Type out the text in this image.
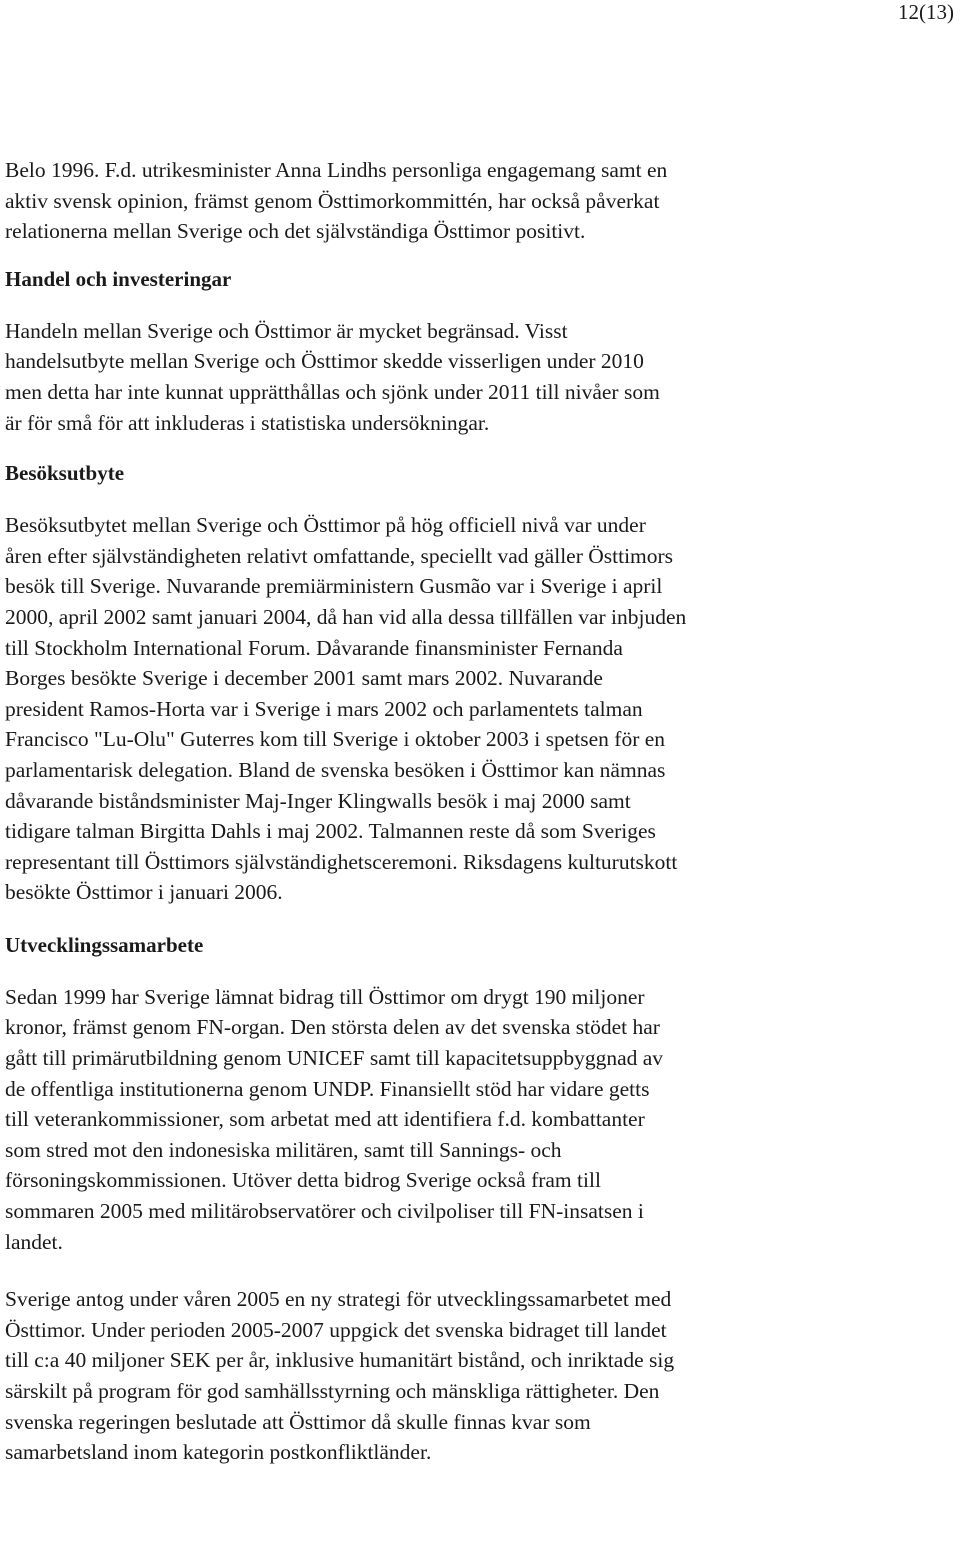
12(13)

Belo 1996. F.d. utrikesminister Anna Lindhs personliga engagemang samt en
aktiv svensk opinion, främst genom Östtimorkommittén, har också påverkat
relationerna mellan Sverige och det självständiga Östtimor positivt.

Handel och investeringar

Handeln mellan Sverige och Östtimor är mycket begränsad. Visst
handelsutbyte mellan Sverige och Östtimor skedde visserligen under 2010
men detta har inte kunnat upprätthållas och sjönk under 2011 till nivåer som
är för små för att inkluderas i statistiska undersökningar.

Besöksutbyte

Besöksutbytet mellan Sverige och Östtimor på hög officiell nivå var under
åren efter självständigheten relativt omfattande, speciellt vad gäller Östtimors
besök till Sverige. Nuvarande premiärministern Gusmão var i Sverige i april
2000, april 2002 samt januari 2004, då han vid alla dessa tillfällen var inbjuden
till Stockholm International Forum. Dåvarande finansminister Fernanda
Borges besökte Sverige i december 2001 samt mars 2002. Nuvarande
president Ramos-Horta var i Sverige i mars 2002 och parlamentets talman
Francisco "Lu-Olu" Guterres kom till Sverige i oktober 2003 i spetsen för en
parlamentarisk delegation. Bland de svenska besöken i Östtimor kan nämnas
dåvarande biståndsminister Maj-Inger Klingwalls besök i maj 2000 samt
tidigare talman Birgitta Dahls i maj 2002. Talmannen reste då som Sveriges
representant till Östtimors självständighetsceremoni. Riksdagens kulturutskott
besökte Östtimor i januari 2006.

Utvecklingssamarbete

Sedan 1999 har Sverige lämnat bidrag till Östtimor om drygt 190 miljoner
kronor, främst genom FN-organ. Den största delen av det svenska stödet har
gått till primärutbildning genom UNICEF samt till kapacitetsuppbyggnad av
de offentliga institutionerna genom UNDP. Finansiellt stöd har vidare getts
till veterankommissioner, som arbetat med att identifiera f.d. kombattanter
som stred mot den indonesiska militären, samt till Sannings- och
försoningskommissionen. Utöver detta bidrog Sverige också fram till
sommaren 2005 med militärobservatörer och civilpoliser till FN-insatsen i
landet.

Sverige antog under våren 2005 en ny strategi för utvecklingssamarbetet med
Östtimor. Under perioden 2005-2007 uppgick det svenska bidraget till landet
till c:a 40 miljoner SEK per år, inklusive humanitärt bistånd, och inriktade sig
särskilt på program för god samhällsstyrning och mänskliga rättigheter. Den
svenska regeringen beslutade att Östtimor då skulle finnas kvar som
samarbetsland inom kategorin postkonfliktländer.
